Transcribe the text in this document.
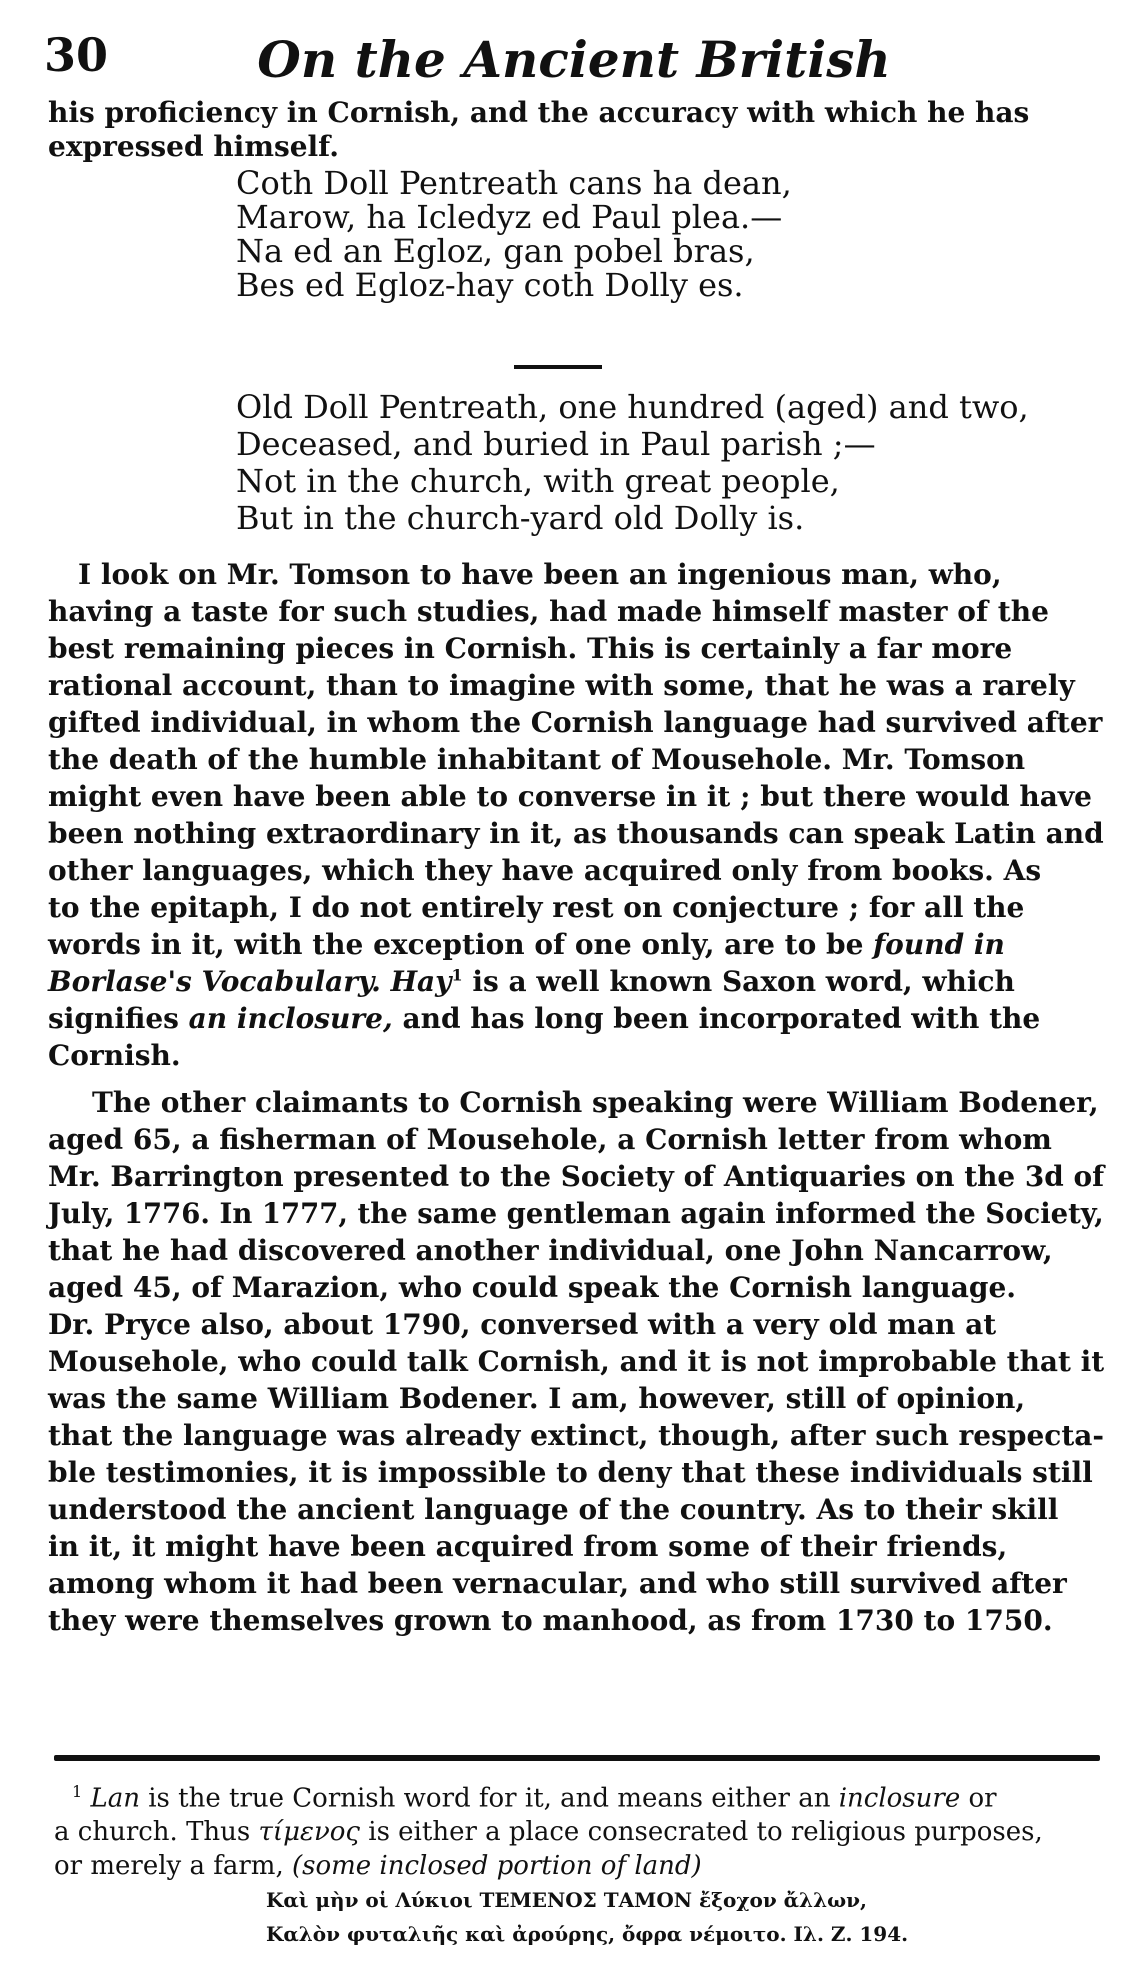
30	On the Ancient British
his proficiency in Cornish, and the accuracy with which he has
expressed himself.
Coth Doll Pentreath cans ha dean,
Marow, ha Icledyz ed Paul plea.—
Na ed an Egloz, gan pobel bras,
Bes ed Egloz-hay coth Dolly es.
Old Doll Pentreath, one hundred (aged) and two,
Deceased, and buried in Paul parish ;—
Not in the church, with great people,
But in the church-yard old Dolly is.
I look on Mr. Tomson to have been an ingenious man, who,
having a taste for such studies, had made himself master of the
best remaining pieces in Cornish. This is certainly a far more
rational account, than to imagine with some, that he was a rarely
gifted individual, in whom the Cornish language had survived after
the death of the humble inhabitant of Mousehole. Mr. Tomson
might even have been able to converse in it ; but there would have
been nothing extraordinary in it, as thousands can speak Latin and
other languages, which they have acquired only from books. As
to the epitaph, I do not entirely rest on conjecture ; for all the
words in it, with the exception of one only, are to be found in
Borlase's Vocabulary. Hay$^1$ is a well known Saxon word, which
signifies an inclosure, and has long been incorporated with the
Cornish.
The other claimants to Cornish speaking were William Bodener,
aged 65, a fisherman of Mousehole, a Cornish letter from whom
Mr. Barrington presented to the Society of Antiquaries on the 3d of
July, 1776. In 1777, the same gentleman again informed the Society,
that he had discovered another individual, one John Nancarrow,
aged 45, of Marazion, who could speak the Cornish language.
Dr. Pryce also, about 1790, conversed with a very old man at
Mousehole, who could talk Cornish, and it is not improbable that it
was the same William Bodener. I am, however, still of opinion,
that the language was already extinct, though, after such respecta-
ble testimonies, it is impossible to deny that these individuals still
understood the ancient language of the country. As to their skill
in it, it might have been acquired from some of their friends,
among whom it had been vernacular, and who still survived after
they were themselves grown to manhood, as from 1730 to 1750.
$^1$ Lan is the true Cornish word for it, and means either an inclosure or
a church. Thus τίμενος is either a place consecrated to religious purposes,
or merely a farm, (some inclosed portion of land)
Καὶ μὴν οἱ Λύκιοι ΤΕΜΕΝΟΣ ΤΑΜΟΝ ἔξοχον ἄλλων,
Καλὸν φυταλιῆς καὶ ἀρούρης, ὄφρα νέμοιτο. Ιλ. Ζ. 194.
